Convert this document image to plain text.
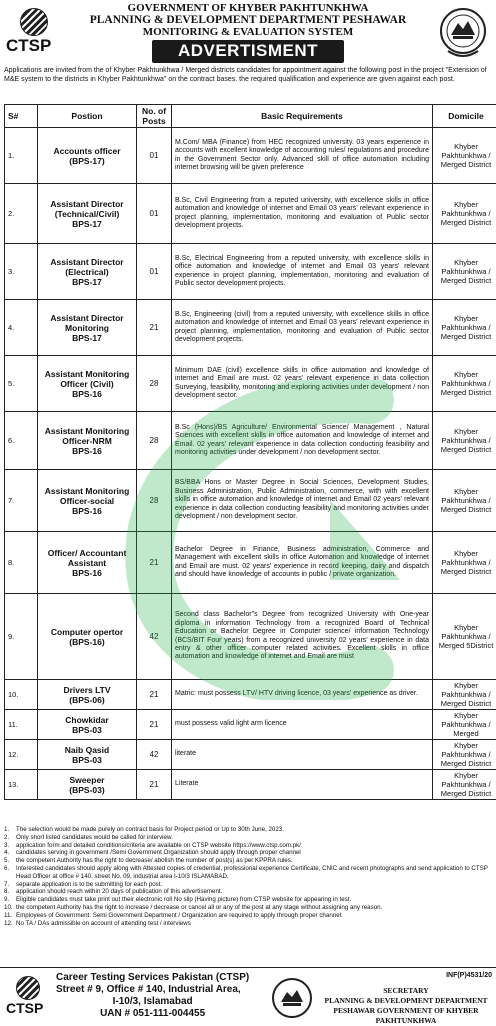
CTSP
GOVERNMENT OF KHYBER PAKHTUNKHWA
PLANNING & DEVELOPMENT DEPARTMENT PESHAWAR
MONITORING & EVALUATION SYSTEM
ADVERTISMENT
Applications are invited from the of Khyber Pakhtunkhwa / Merged districts candidates for appointment against the following post in the project "Extension of M&E system to the districts in Khyber Pakhtunkhwa" on the contract bases. the required qualification and experience are given against each post.
S#	Postion	No. of Posts	Basic Requirements	Domicile
1.	Accounts officer
(BPS-17)	01	M.Com/ MBA (Finance) from HEC recognized university. 03 years experience in accounts with excellent knowledge of accounting rules/ regulations and procedure in the Government Sector only. Advanced skill of office automation including internet browsing will be given preference	Khyber Pakhtunkhwa / Merged District
2.	Assistant Director (Technical/Civil)
BPS-17	01	B.Sc, Civil Engineering from a reputed university, with excellence skills in office automation and knowledge of internet and Email 03 years' relevant experience in project planning, implementation, monitoring and evaluation of Public sector development projects.	Khyber Pakhtunkhwa / Merged District
3.	Assistant Director (Electrical)
BPS-17	01	B.Sc, Electrical Engineering from a reputed university, with excellence skills in office automation and knowledge of internet and Email 03 years' relevant experience in project planning, implementation, monitoring and evaluation of Public sector development projects.	Khyber Pakhtunkhwa / Merged District
4.	Assistant Director Monitoring
BPS-17	21	B.Sc, Engineering (civil) from a reputed university, with excellence skills in office automation and knowledge of internet and Email 03 years' relevant experience in project planning, implementation, monitoring and evaluation of Public sector development projects.	Khyber Pakhtunkhwa / Merged District
5.	Assistant Monitoring Officer (Civil)
BPS-16	28	Minimum DAE (civil) excellence skills in office automation and knowledge of internet and Email are must. 02 years' relevant experience in data collection Surveying, feasibility, monitoring and exploring activities under development / non development sector.	Khyber Pakhtunkhwa / Merged District
6.	Assistant Monitoring Officer-NRM
BPS-16	28	B.Sc (Hons)/BS Agriculture/ Environmental Science/ Management , Natural Sciences with excellent skills in office automation and knowledge of internet and Email. 02 years' relevant experience in data collection conducting feasibility and monitoring activities under development / non development sector.	Khyber Pakhtunkhwa / Merged District
7.	Assistant Monitoring Officer-social
BPS-16	28	BS/BBA Hons or Master Degree in Social Sciences, Development Studies, Business Administration, Public Administration, commerce, with with excellent skills in office automation and knowledge of internet and Email 02 years' relevant experience in data collection conducting feasibility and monitoring activities under development / non development sector.	Khyber Pakhtunkhwa / Merged District
8.	Officer/ Accountant Assistant
BPS-16	21	Bachelor Degree in Finance, Business administration, Commerce and Management with excellent skills in office Automation and knowledge of internet and Email are must. 02 years' experience in record keeping, dairy and dispatch and should have knowledge of accounts in public / private organization.	Khyber Pakhtunkhwa / Merged District
9.	Computer opertor
(BPS-16)	42	Second class Bachelor"s Degree from recognized University with One-year diploma in information Technology from a recognized Board of Technical Education or Bachelor Degree in Computer science/ information Technology (BCS/BIT Four years) from a recognized university 02 years' experience in data entry & other officer computer related activities. Excellent skills in office automation and knowledge of internet and Email are must	Khyber Pakhtunkhwa / Merged 5District
10.	Drivers LTV
(BPS-06)	21	Matric: must possess LTV/ HTV driving licence, 03 years' experience as driver.	Khyber Pakhtunkhwa / Merged District
11.	Chowkidar
BPS-03	21	must possess valid light arm licence	Khyber Pakhtunkhwa / Merged
12.	Naib Qasid
BPS-03	42	literate	Khyber Pakhtunkhwa / Merged District
13.	Sweeper
(BPS-03)	21	Literate	Khyber Pakhtunkhwa / Merged District
1.	The selection would be made purely on contract basis for Project period or Up to 30th June, 2023.
2.	Only short listed candidates would be called for interview.
3.	application form and detailed conditions/criteria are available on CTSP website https://www.ctsp.com.pk/
4.	candidates serving in government /Semi Government Organization should apply through proper channel
5.	the competent Authority has the right to decrease/ abolish the number of post(s) as per KPPRA rules.
6.	Interested candidates should apply along with Attested copies of credential, professional experience Certificate, CNIC and recent photographs and send application to CTSP Head Officer at office # 140, street No. 09, industrial area I-10/3 ISLAMABAD.
7.	separate application is to be submitting for each post.
8.	application should reach within 20 days of publication of this advertisement.
9.	Eligible candidates must take print out their electronic roll No slip (Having picture) from CTSP website for appearing in test.
10. the competent Authority has the right to increase / decrease or cancel all or any of the post at any stage without assigning any reason.
11. Employees of Government. Semi Government Department / Organization are required to apply through proper channel.
12. No TA / DAs admissible on account of attending test / interviews
CTSP
Career Testing Services Pakistan (CTSP)
Street # 9, Office # 140, Industrial Area,
I-10/3, Islamabad
UAN # 051-111-004455
INF(P)4531/20
SECRETARY
PLANNING & DEVELOPMENT DEPARTMENT
PESHAWAR GOVERNMENT OF KHYBER PAKHTUNKHWA
